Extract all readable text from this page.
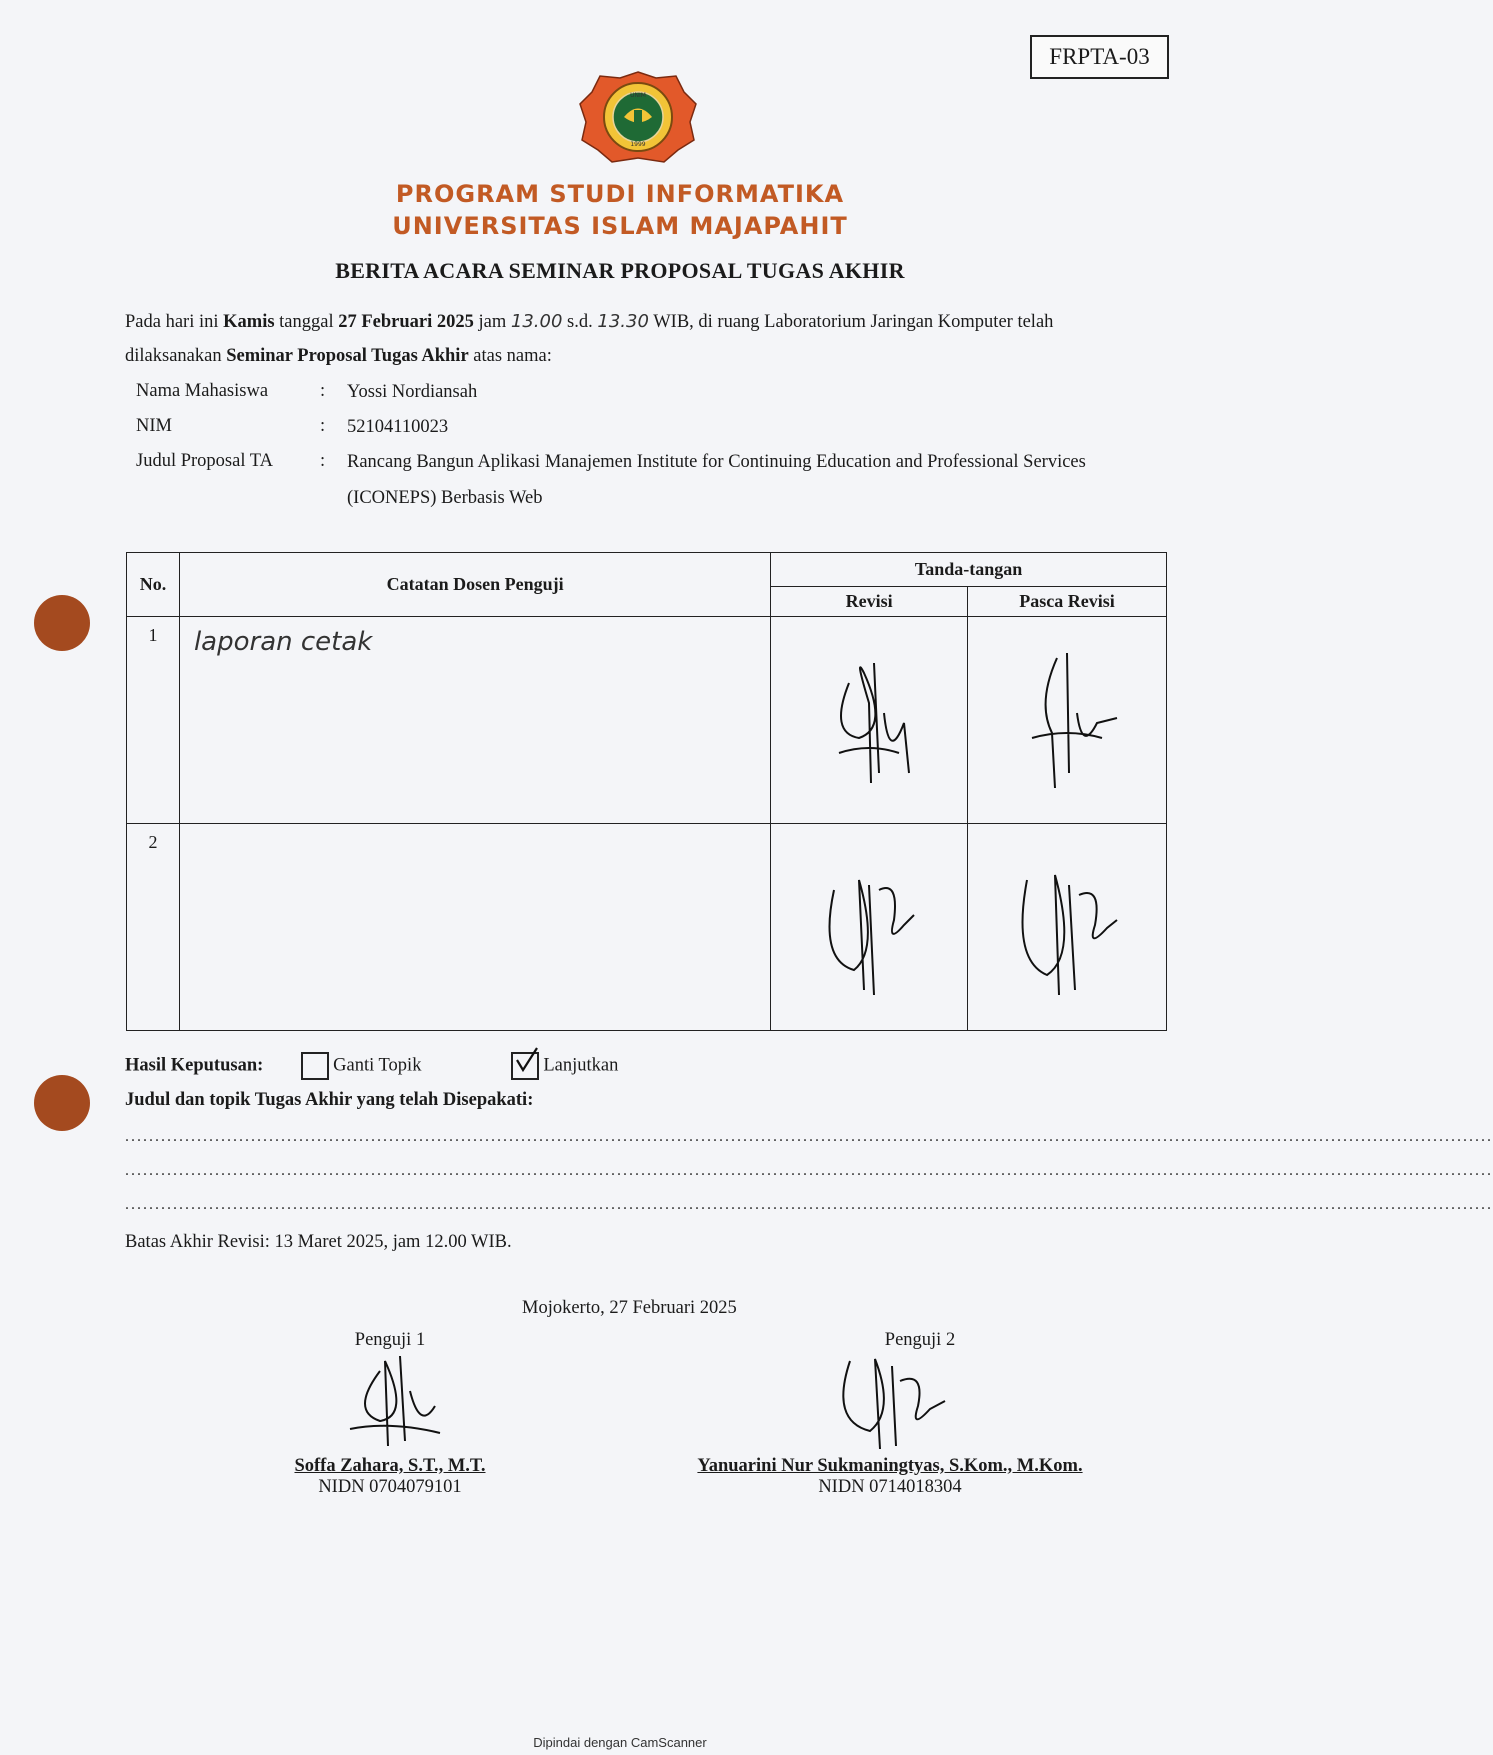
FRPTA-03
UNIM
1999
PROGRAM STUDI INFORMATIKA
UNIVERSITAS ISLAM MAJAPAHIT
BERITA ACARA SEMINAR PROPOSAL TUGAS AKHIR
Pada hari ini Kamis tanggal 27 Februari 2025 jam 13.00 s.d. 13.30 WIB, di ruang Laboratorium Jaringan Komputer telah
dilaksanakan Seminar Proposal Tugas Akhir atas nama:
Nama Mahasiswa	: Yossi Nordiansah
NIM	: 52104110023
Judul Proposal TA	: Rancang Bangun Aplikasi Manajemen Institute for Continuing Education and Professional Services (ICONEPS) Berbasis Web
No.	Catatan Dosen Penguji	Tanda-tangan	
		Revisi	Pasca Revisi
1	laporan cetak		
2			
Hasil Keputusan:	Ganti Topik	Lanjutkan
Judul dan topik Tugas Akhir yang telah Disepakati:
....................................................................................................................................................................................................................................
....................................................................................................................................................................................................................................
....................................................................................................................................................................................................................................
Batas Akhir Revisi: 13 Maret 2025, jam 12.00 WIB.
Mojokerto, 27 Februari 2025
Penguji 1
Soffa Zahara, S.T., M.T.
NIDN 0704079101
Penguji 2
Yanuarini Nur Sukmaningtyas, S.Kom., M.Kom.
NIDN 0714018304
Dipindai dengan CamScanner
